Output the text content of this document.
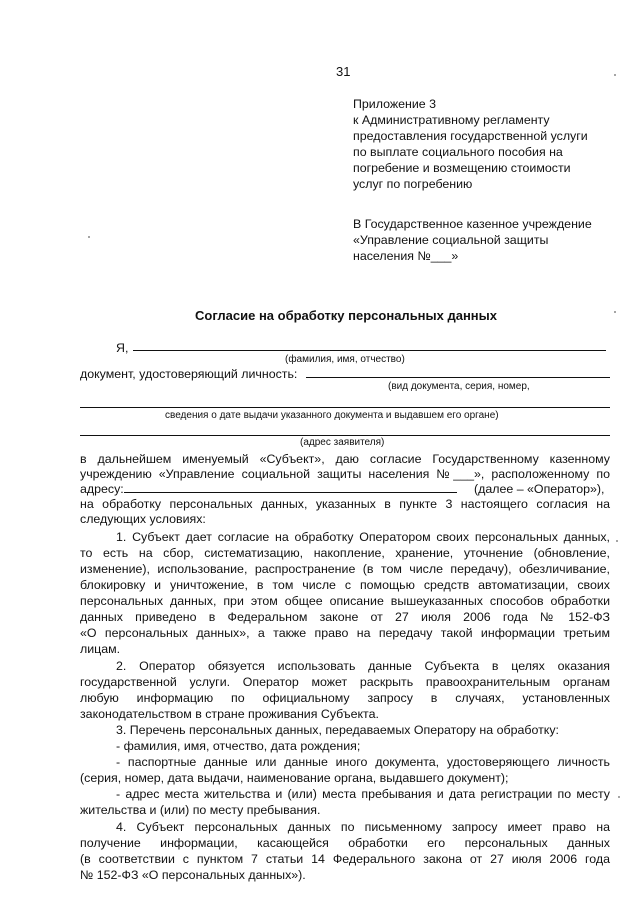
31
Приложение 3
к Административному регламенту
предоставления государственной услуги
по выплате социального пособия на
погребение и возмещению стоимости
услуг по погребению
В Государственное казенное учреждение
«Управление социальной защиты
населения №___»
Согласие на обработку персональных данных
Я,
(фамилия, имя, отчество)
документ, удостоверяющий личность:
(вид документа, серия, номер,
сведения о дате выдачи указанного документа и выдавшем его органе)
(адрес заявителя)
в дальнейшем именуемый «Субъект», даю согласие Государственному казенному
учреждению «Управление социальной защиты населения №___», расположенному по
адресу:	(далее – «Оператор»),
на обработку персональных данных, указанных в пункте 3 настоящего согласия на
следующих условиях:
1. Субъект дает согласие на обработку Оператором своих персональных данных,
то есть на сбор, систематизацию, накопление, хранение, уточнение (обновление,
изменение), использование, распространение (в том числе передачу), обезличивание,
блокировку и уничтожение, в том числе с помощью средств автоматизации, своих
персональных данных, при этом общее описание вышеуказанных способов обработки
данных приведено в Федеральном законе от 27 июля 2006 года № 152-ФЗ
«О персональных данных», а также право на передачу такой информации третьим
лицам.
2. Оператор обязуется использовать данные Субъекта в целях оказания
государственной услуги. Оператор может раскрыть правоохранительным органам
любую информацию по официальному запросу в случаях, установленных
законодательством в стране проживания Субъекта.
3. Перечень персональных данных, передаваемых Оператору на обработку:
- фамилия, имя, отчество, дата рождения;
- паспортные данные или данные иного документа, удостоверяющего личность
(серия, номер, дата выдачи, наименование органа, выдавшего документ);
- адрес места жительства и (или) места пребывания и дата регистрации по месту
жительства и (или) по месту пребывания.
4. Субъект персональных данных по письменному запросу имеет право на
получение информации, касающейся обработки его персональных данных
(в соответствии с пунктом 7 статьи 14 Федерального закона от 27 июля 2006 года
№ 152-ФЗ «О персональных данных»).
